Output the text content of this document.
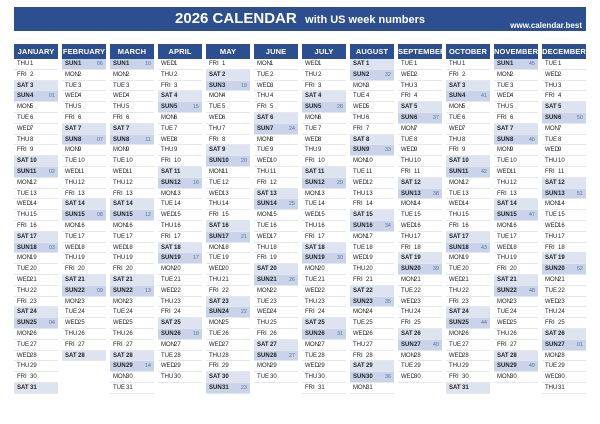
2026 CALENDAR with US week numbers	www.calendar.best
JANUARY
THU 1
FRI 2
SAT 3
SUN 4	01
MON 5
TUE 6
WED 7
THU 8
FRI 9
SAT 10
SUN 11 02
MON 12
TUE 13
WED 14
THU 15
FRI 16
SAT 17
SUN 18 03
MON 19
TUE 20
WED 21
THU 22
FRI 23
SAT 24
SUN 25 04
MON 26
TUE 27
WED 28
THU 29
FRI 30
SAT 31
FEBRUARY
SUN 1	06
MON 2
TUE 3
WED 4
THU 5
FRI 6
SAT 7
SUN 8	07
MON 9
TUE 10
WED 11
THU 12
FRI 13
SAT 14
SUN 15 08
MON 16
TUE 17
WED 18
THU 19
FRI 20
SAT 21
SUN 22 09
MON 23
TUE 24
WED 25
THU 26
FRI 27
SAT 28
MARCH
SUN 1	10
MON 2
TUE 3
WED 4
THU 5
FRI 6
SAT 7
SUN 8	11
MON 9
TUE 10
WED 11
THU 12
FRI 13
SAT 14
SUN 15 12
MON 16
TUE 17
WED 18
THU 19
FRI 20
SAT 21
SUN 22 13
MON 23
TUE 24
WED 25
THU 26
FRI 27
SAT 28
SUN 29 14
MON 30
TUE 31
APRIL
WED 1
THU 2
FRI 3
SAT 4
SUN 5	15
MON 6
TUE 7
WED 8
THU 9
FRI 10
SAT 11
SUN 12 16
MON 13
TUE 14
WED 15
THU 16
FRI 17
SAT 18
SUN 19 17
MON 20
TUE 21
WED 22
THU 23
FRI 24
SAT 25
SUN 26 18
MON 27
TUE 28
WED 29
THU 30
MAY
FRI 1
SAT 2
SUN 3	19
MON 4
TUE 5
WED 6
THU 7
FRI 8
SAT 9
SUN 10 20
MON 11
TUE 12
WED 13
THU 14
FRI 15
SAT 16
SUN 17 21
MON 18
TUE 19
WED 20
THU 21
FRI 22
SAT 23
SUN 24 22
MON 25
TUE 26
WED 27
THU 28
FRI 29
SAT 30
SUN 31 23
JUNE
MON 1
TUE 2
WED 3
THU 4
FRI 5
SAT 6
SUN 7	24
MON 8
TUE 9
WED 10
THU 11
FRI 12
SAT 13
SUN 14 25
MON 15
TUE 16
WED 17
THU 18
FRI 19
SAT 20
SUN 21 26
MON 22
TUE 23
WED 24
THU 25
FRI 26
SAT 27
SUN 28 27
MON 29
TUE 30
JULY
WED 1
THU 2
FRI 3
SAT 4
SUN 5	28
MON 6
TUE 7
WED 8
THU 9
FRI 10
SAT 11
SUN 12 29
MON 13
TUE 14
WED 15
THU 16
FRI 17
SAT 18
SUN 19 30
MON 20
TUE 21
WED 22
THU 23
FRI 24
SAT 25
SUN 26 31
MON 27
TUE 28
WED 29
THU 30
FRI 31
AUGUST
SAT 1
SUN 2	32
MON 3
TUE 4
WED 5
THU 6
FRI 7
SAT 8
SUN 9	33
MON 10
TUE 11
WED 12
THU 13
FRI 14
SAT 15
SUN 16 34
MON 17
TUE 18
WED 19
THU 20
FRI 21
SAT 22
SUN 23 35
MON 24
TUE 25
WED 26
THU 27
FRI 28
SAT 29
SUN 30 36
MON 31
SEPTEMBER
TUE 1
WED 2
THU 3
FRI 4
SAT 5
SUN 6	37
MON 7
TUE 8
WED 9
THU 10
FRI 11
SAT 12
SUN 13 38
MON 14
TUE 15
WED 16
THU 17
FRI 18
SAT 19
SUN 20 39
MON 21
TUE 22
WED 23
THU 24
FRI 25
SAT 26
SUN 27 40
MON 28
TUE 29
WED 30
OCTOBER
THU 1
FRI 2
SAT 3
SUN 4	41
MON 5
TUE 6
WED 7
THU 8
FRI 9
SAT 10
SUN 11 42
MON 12
TUE 13
WED 14
THU 15
FRI 16
SAT 17
SUN 18 43
MON 19
TUE 20
WED 21
THU 22
FRI 23
SAT 24
SUN 25 44
MON 26
TUE 27
WED 28
THU 29
FRI 30
SAT 31
NOVEMBER
SUN 1	45
MON 2
TUE 3
WED 4
THU 5
FRI 6
SAT 7
SUN 8	46
MON 9
TUE 10
WED 11
THU 12
FRI 13
SAT 14
SUN 15 47
MON 16
TUE 17
WED 18
THU 19
FRI 20
SAT 21
SUN 22 48
MON 23
TUE 24
WED 25
THU 26
FRI 27
SAT 28
SUN 29 49
MON 30
DECEMBER
TUE 1
WED 2
THU 3
FRI 4
SAT 5
SUN 6	50
MON 7
TUE 8
WED 9
THU 10
FRI 11
SAT 12
SUN 13 51
MON 14
TUE 15
WED 16
THU 17
FRI 18
SAT 19
SUN 20 52
MON 21
TUE 22
WED 23
THU 24
FRI 25
SAT 26
SUN 27 01
MON 28
TUE 29
WED 30
THU 31
